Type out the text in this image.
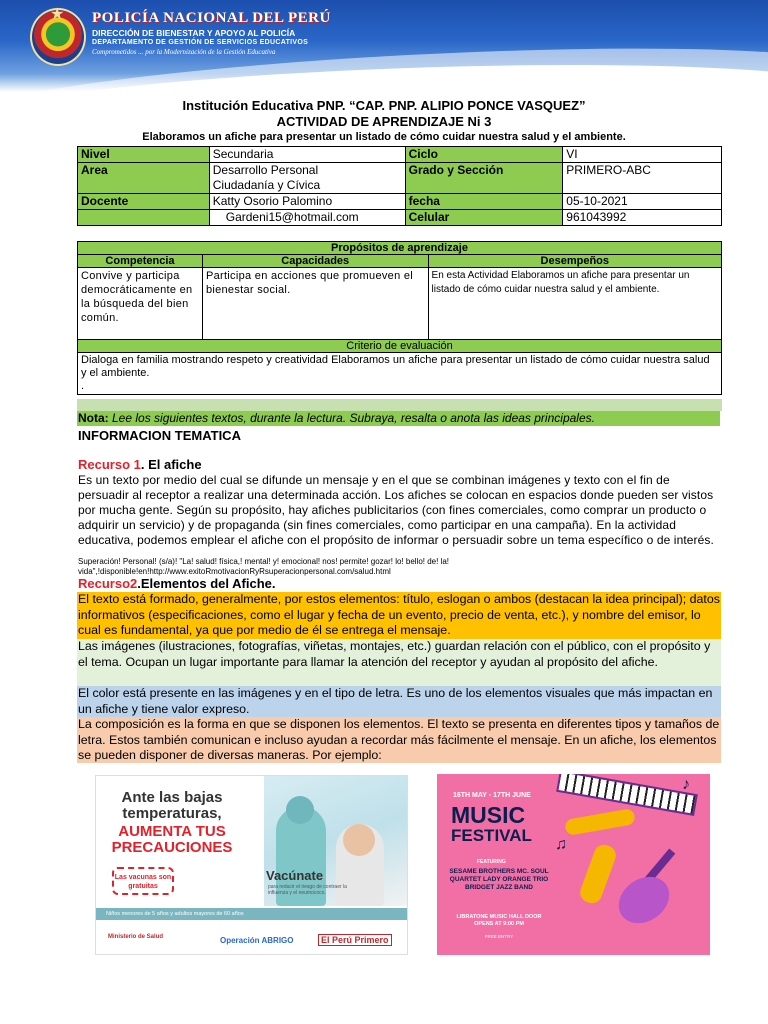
★ POLICÍA NACIONAL DEL PERÚ
DIRECCIÓN DE BIENESTAR Y APOYO AL POLICÍA
DEPARTAMENTO DE GESTIÓN DE SERVICIOS EDUCATIVOS
Comprometidos ... por la Modernización de la Gestión Educativa
Institución Educativa PNP. “CAP. PNP. ALIPIO PONCE VASQUEZ”
ACTIVIDAD DE APRENDIZAJE Ni 3
Elaboramos un afiche para presentar un listado de cómo cuidar nuestra salud y el ambiente.
Nivel	Secundaria	Ciclo	VI
Area	Desarrollo Personal
Ciudadanía y Cívica	Grado y Sección	PRIMERO-ABC
Docente	Katty Osorio Palomino	fecha	05-10-2021
	Gardeni15@hotmail.com	Celular	961043992
Propósitos de aprendizaje		
Competencia	Capacidades	Desempeños
Convive y participa democráticamente en la búsqueda del bien común.	Participa en acciones que promueven el bienestar social.	En esta Actividad Elaboramos un afiche para presentar un listado de cómo cuidar nuestra salud y el ambiente.
Criterio de evaluación		

Dialoga en familia mostrando respeto y creatividad Elaboramos un afiche para presentar un listado de cómo cuidar nuestra salud y el ambiente.
.		
Nota: Lee los siguientes textos, durante la lectura. Subraya, resalta o anota las ideas principales.
INFORMACION TEMATICA
Recurso 1. El afiche
Es un texto por medio del cual se difunde un mensaje y en el que se combinan imágenes y texto con el fin de persuadir al receptor a realizar una determinada acción. Los afiches se colocan en espacios donde pueden ser vistos por mucha gente. Según su propósito, hay afiches publicitarios (con fines comerciales, como comprar un producto o adquirir un servicio) y de propaganda (sin fines comerciales, como participar en una campaña). En la actividad educativa, podemos emplear el afiche con el propósito de informar o persuadir sobre un tema específico o de interés.
Superación! Personal! (s/a)! "La! salud! física,! mental! y! emocional! nos! permite! gozar! lo! bello! de! la! vida",!disponible!en!http://www.exitoRmotivacionRyRsuperacionpersonal.com/salud.html
Recurso2.Elementos del Afiche.
El texto está formado, generalmente, por estos elementos: título, eslogan o ambos (destacan la idea principal); datos informativos (especificaciones, como el lugar y fecha de un evento, precio de venta, etc.), y nombre del emisor, lo cual es fundamental, ya que por medio de él se entrega el mensaje.
Las imágenes (ilustraciones, fotografías, viñetas, montajes, etc.) guardan relación con el público, con el propósito y el tema. Ocupan un lugar importante para llamar la atención del receptor y ayudan al propósito del afiche.
El color está presente en las imágenes y en el tipo de letra. Es uno de los elementos visuales que más impactan en un afiche y tiene valor expreso.
La composición es la forma en que se disponen los elementos. El texto se presenta en diferentes tipos y tamaños de letra. Estos también comunican e incluso ayudan a recordar más fácilmente el mensaje. En un afiche, los elementos se pueden disponer de diversas maneras. Por ejemplo:
Ante las bajas temperaturas,
AUMENTA TUS PRECAUCIONES
Las vacunas son gratuitas
Vacúnate
para reducir el riesgo de contraer la influenza y el neumococo.
Niños menores de 5 años y adultos mayores de 60 años
Ministerio de Salud	Operación ABRIGO	El Perú Primero
♪
♫
16TH MAY - 17TH JUNE
MUSIC
FESTIVAL
FEATURING
SESAME BROTHERS MC. SOUL QUARTET LADY ORANGE TRIO BRIDGET JAZZ BAND
LIBRATONE MUSIC HALL DOOR OPENS AT 9:00 PM
FREE ENTRY
